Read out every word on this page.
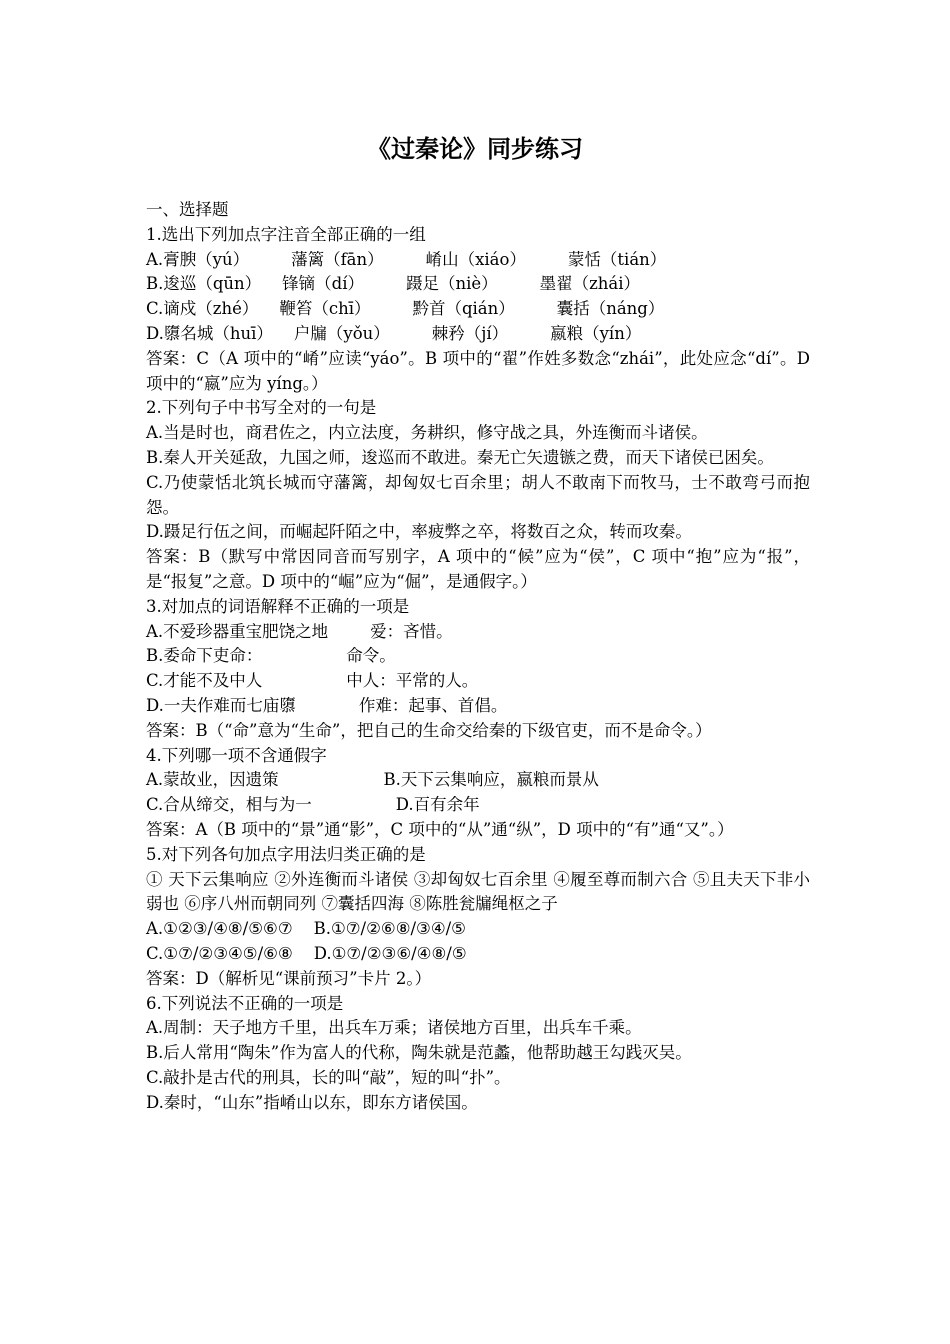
《过秦论》同步练习
一、选择题
1.选出下列加点字注音全部正确的一组
A.膏腴（yú）        藩篱（fān）        崤山（xiáo）        蒙恬（tián）
B.逡巡（qūn）    锋镝（dí）        蹑足（niè）        墨翟（zhái）
C.谪戍（zhé）    鞭笞（chī）        黔首（qián）        囊括（náng）
D.隳名城（huī）    户牖（yǒu）        棘矜（jí）        嬴粮（yín）
答案：C（A 项中的“崤”应读“yáo”。B 项中的“翟”作姓多数念“zhái”，此处应念“dí”。D 项中的“嬴”应为 yíng。）
2.下列句子中书写全对的一句是
A.当是时也，商君佐之，内立法度，务耕织，修守战之具，外连衡而斗诸侯。
B.秦人开关延敌，九国之师，逡巡而不敢进。秦无亡矢遗镞之费，而天下诸侯已困矣。
C.乃使蒙恬北筑长城而守藩篱，却匈奴七百余里；胡人不敢南下而牧马，士不敢弯弓而抱怨。
D.蹑足行伍之间，而崛起阡陌之中，率疲弊之卒，将数百之众，转而攻秦。
答案：B（默写中常因同音而写别字，A 项中的“候”应为“侯”，C 项中“抱”应为“报”，是“报复”之意。D 项中的“崛”应为“倔”，是通假字。）
3.对加点的词语解释不正确的一项是
A.不爱珍器重宝肥饶之地        爱：吝惜。
B.委命下吏命：                命令。
C.才能不及中人                中人：平常的人。
D.一夫作难而七庙隳            作难：起事、首倡。
答案：B（“命”意为“生命”，把自己的生命交给秦的下级官吏，而不是命令。）
4.下列哪一项不含通假字
A.蒙故业，因遗策                    B.天下云集响应，嬴粮而景从
C.合从缔交，相与为一                D.百有余年
答案：A（B 项中的“景”通“影”，C 项中的“从”通“纵”，D 项中的“有”通“又”。）
5.对下列各句加点字用法归类正确的是
① 天下云集响应 ②外连衡而斗诸侯 ③却匈奴七百余里 ④履至尊而制六合 ⑤且夫天下非小弱也 ⑥序八州而朝同列 ⑦囊括四海 ⑧陈胜瓮牖绳枢之子
A.①②③/④⑧/⑤⑥⑦    B.①⑦/②⑥⑧/③④/⑤
C.①⑦/②③④⑤/⑥⑧    D.①⑦/②③⑥/④⑧/⑤
答案：D（解析见“课前预习”卡片 2。）
6.下列说法不正确的一项是
A.周制：天子地方千里，出兵车万乘；诸侯地方百里，出兵车千乘。
B.后人常用“陶朱”作为富人的代称，陶朱就是范蠡，他帮助越王勾践灭吴。
C.敲扑是古代的刑具，长的叫“敲”，短的叫“扑”。
D.秦时，“山东”指崤山以东，即东方诸侯国。
